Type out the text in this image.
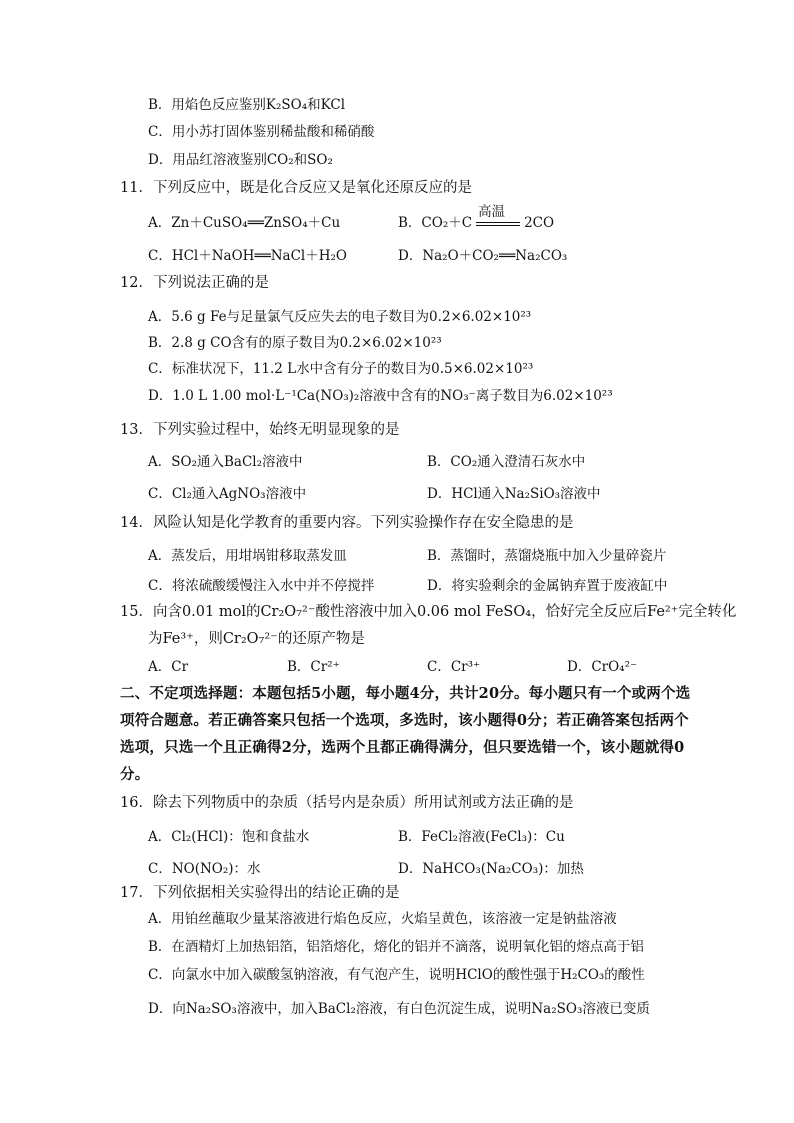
B．用焰色反应鉴别K₂SO₄和KCl
C．用小苏打固体鉴别稀盐酸和稀硝酸
D．用品红溶液鉴别CO₂和SO₂
11．下列反应中，既是化合反应又是氧化还原反应的是
A．Zn＋CuSO₄══ZnSO₄＋Cu	B．CO₂＋C
高温
2CO
C．HCl＋NaOH══NaCl＋H₂O	D．Na₂O＋CO₂══Na₂CO₃
12．下列说法正确的是
A．5.6 g Fe与足量氯气反应失去的电子数目为0.2×6.02×10²³
B．2.8 g CO含有的原子数目为0.2×6.02×10²³
C．标准状况下，11.2 L水中含有分子的数目为0.5×6.02×10²³
D．1.0 L 1.00 mol·L⁻¹Ca(NO₃)₂溶液中含有的NO₃⁻离子数目为6.02×10²³
13．下列实验过程中，始终无明显现象的是
A．SO₂通入BaCl₂溶液中	B．CO₂通入澄清石灰水中
C．Cl₂通入AgNO₃溶液中	D．HCl通入Na₂SiO₃溶液中
14．风险认知是化学教育的重要内容。下列实验操作存在安全隐患的是
A．蒸发后，用坩埚钳移取蒸发皿	B．蒸馏时，蒸馏烧瓶中加入少量碎瓷片
C．将浓硫酸缓慢注入水中并不停搅拌	D．将实验剩余的金属钠弃置于废液缸中
15．向含0.01 mol的Cr₂O₇²⁻酸性溶液中加入0.06 mol FeSO₄，恰好完全反应后Fe²⁺完全转化
为Fe³⁺，则Cr₂O₇²⁻的还原产物是
A．Cr	B．Cr²⁺	C．Cr³⁺	D．CrO₄²⁻
二、不定项选择题：本题包括5小题，每小题4分，共计20分。每小题只有一个或两个选
项符合题意。若正确答案只包括一个选项，多选时，该小题得0分；若正确答案包括两个
选项，只选一个且正确得2分，选两个且都正确得满分，但只要选错一个，该小题就得0
分。
16．除去下列物质中的杂质（括号内是杂质）所用试剂或方法正确的是
A．Cl₂(HCl)：饱和食盐水	B．FeCl₂溶液(FeCl₃)：Cu
C．NO(NO₂)：水	D．NaHCO₃(Na₂CO₃)：加热
17．下列依据相关实验得出的结论正确的是
A．用铂丝蘸取少量某溶液进行焰色反应，火焰呈黄色，该溶液一定是钠盐溶液
B．在酒精灯上加热铝箔，铝箔熔化，熔化的铝并不滴落，说明氧化铝的熔点高于铝
C．向氯水中加入碳酸氢钠溶液，有气泡产生，说明HClO的酸性强于H₂CO₃的酸性
D．向Na₂SO₃溶液中，加入BaCl₂溶液，有白色沉淀生成，说明Na₂SO₃溶液已变质
